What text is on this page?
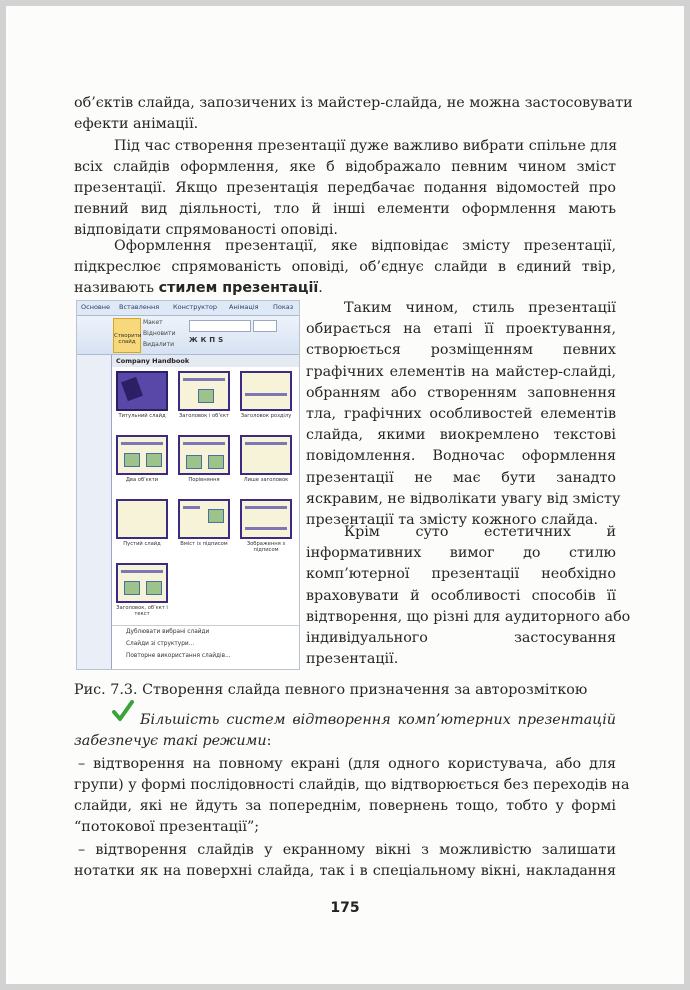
об’єктів слайда, запозичених із майстер-слайда, не можна застосовувати
ефекти анімації.
Під час створення презентації дуже важливо вибрати спільне для
всіх слайдів оформлення, яке б відображало певним чином зміст
презентації. Якщо презентація передбачає подання відомостей про
певний вид діяльності, тло й інші елементи оформлення мають
відповідати спрямованості оповіді.
Оформлення презентації, яке відповідає змісту презентації,
підкреслює спрямованість оповіді, об’єднує слайди в єдиний твір,
називають стилем презентації.
Основне Вставлення Конструктор Анімація Показ
Створити слайд
Макет
Відновити
Видалити
ЖКПS
Company Handbook
Титульний слайд	Заголовок і об’єкт	Заголовок розділу
Два об’єкти	Порівняння	Лише заголовок
Пустий слайд	Вміст із підписом	Зображення з підписом
Заголовок, об’єкт і текст
Дублювати вибрані слайди
Слайди зі структури...
Повторне використання слайдів...
Таким чином, стиль презентації
обирається на етапі її проектування,
створюється розміщенням певних
графічних елементів на майстер-слайді,
обранням або створенням заповнення
тла, графічних особливостей елементів
слайда, якими виокремлено текстові
повідомлення. Водночас оформлення
презентації не має бути занадто
яскравим, не відволікати увагу від змісту
презентації та змісту кожного слайда.
Крім суто естетичних й
інформативних вимог до стилю
комп’ютерної презентації необхідно
враховувати й особливості способів її
відтворення, що різні для аудиторного або
індивідуального застосування
презентації.
Рис. 7.3. Створення слайда певного призначення за авторозміткою
Більшість систем відтворення комп’ютерних презентацій
забезпечує такі режими:
– відтворення на повному екрані (для одного користувача, або для
групи) у формі послідовності слайдів, що відтворюється без переходів на
слайди, які не йдуть за попереднім, повернень тощо, тобто у формі
“потокової презентації”;
– відтворення слайдів у екранному вікні з можливістю залишати
нотатки як на поверхні слайда, так і в спеціальному вікні, накладання
175
